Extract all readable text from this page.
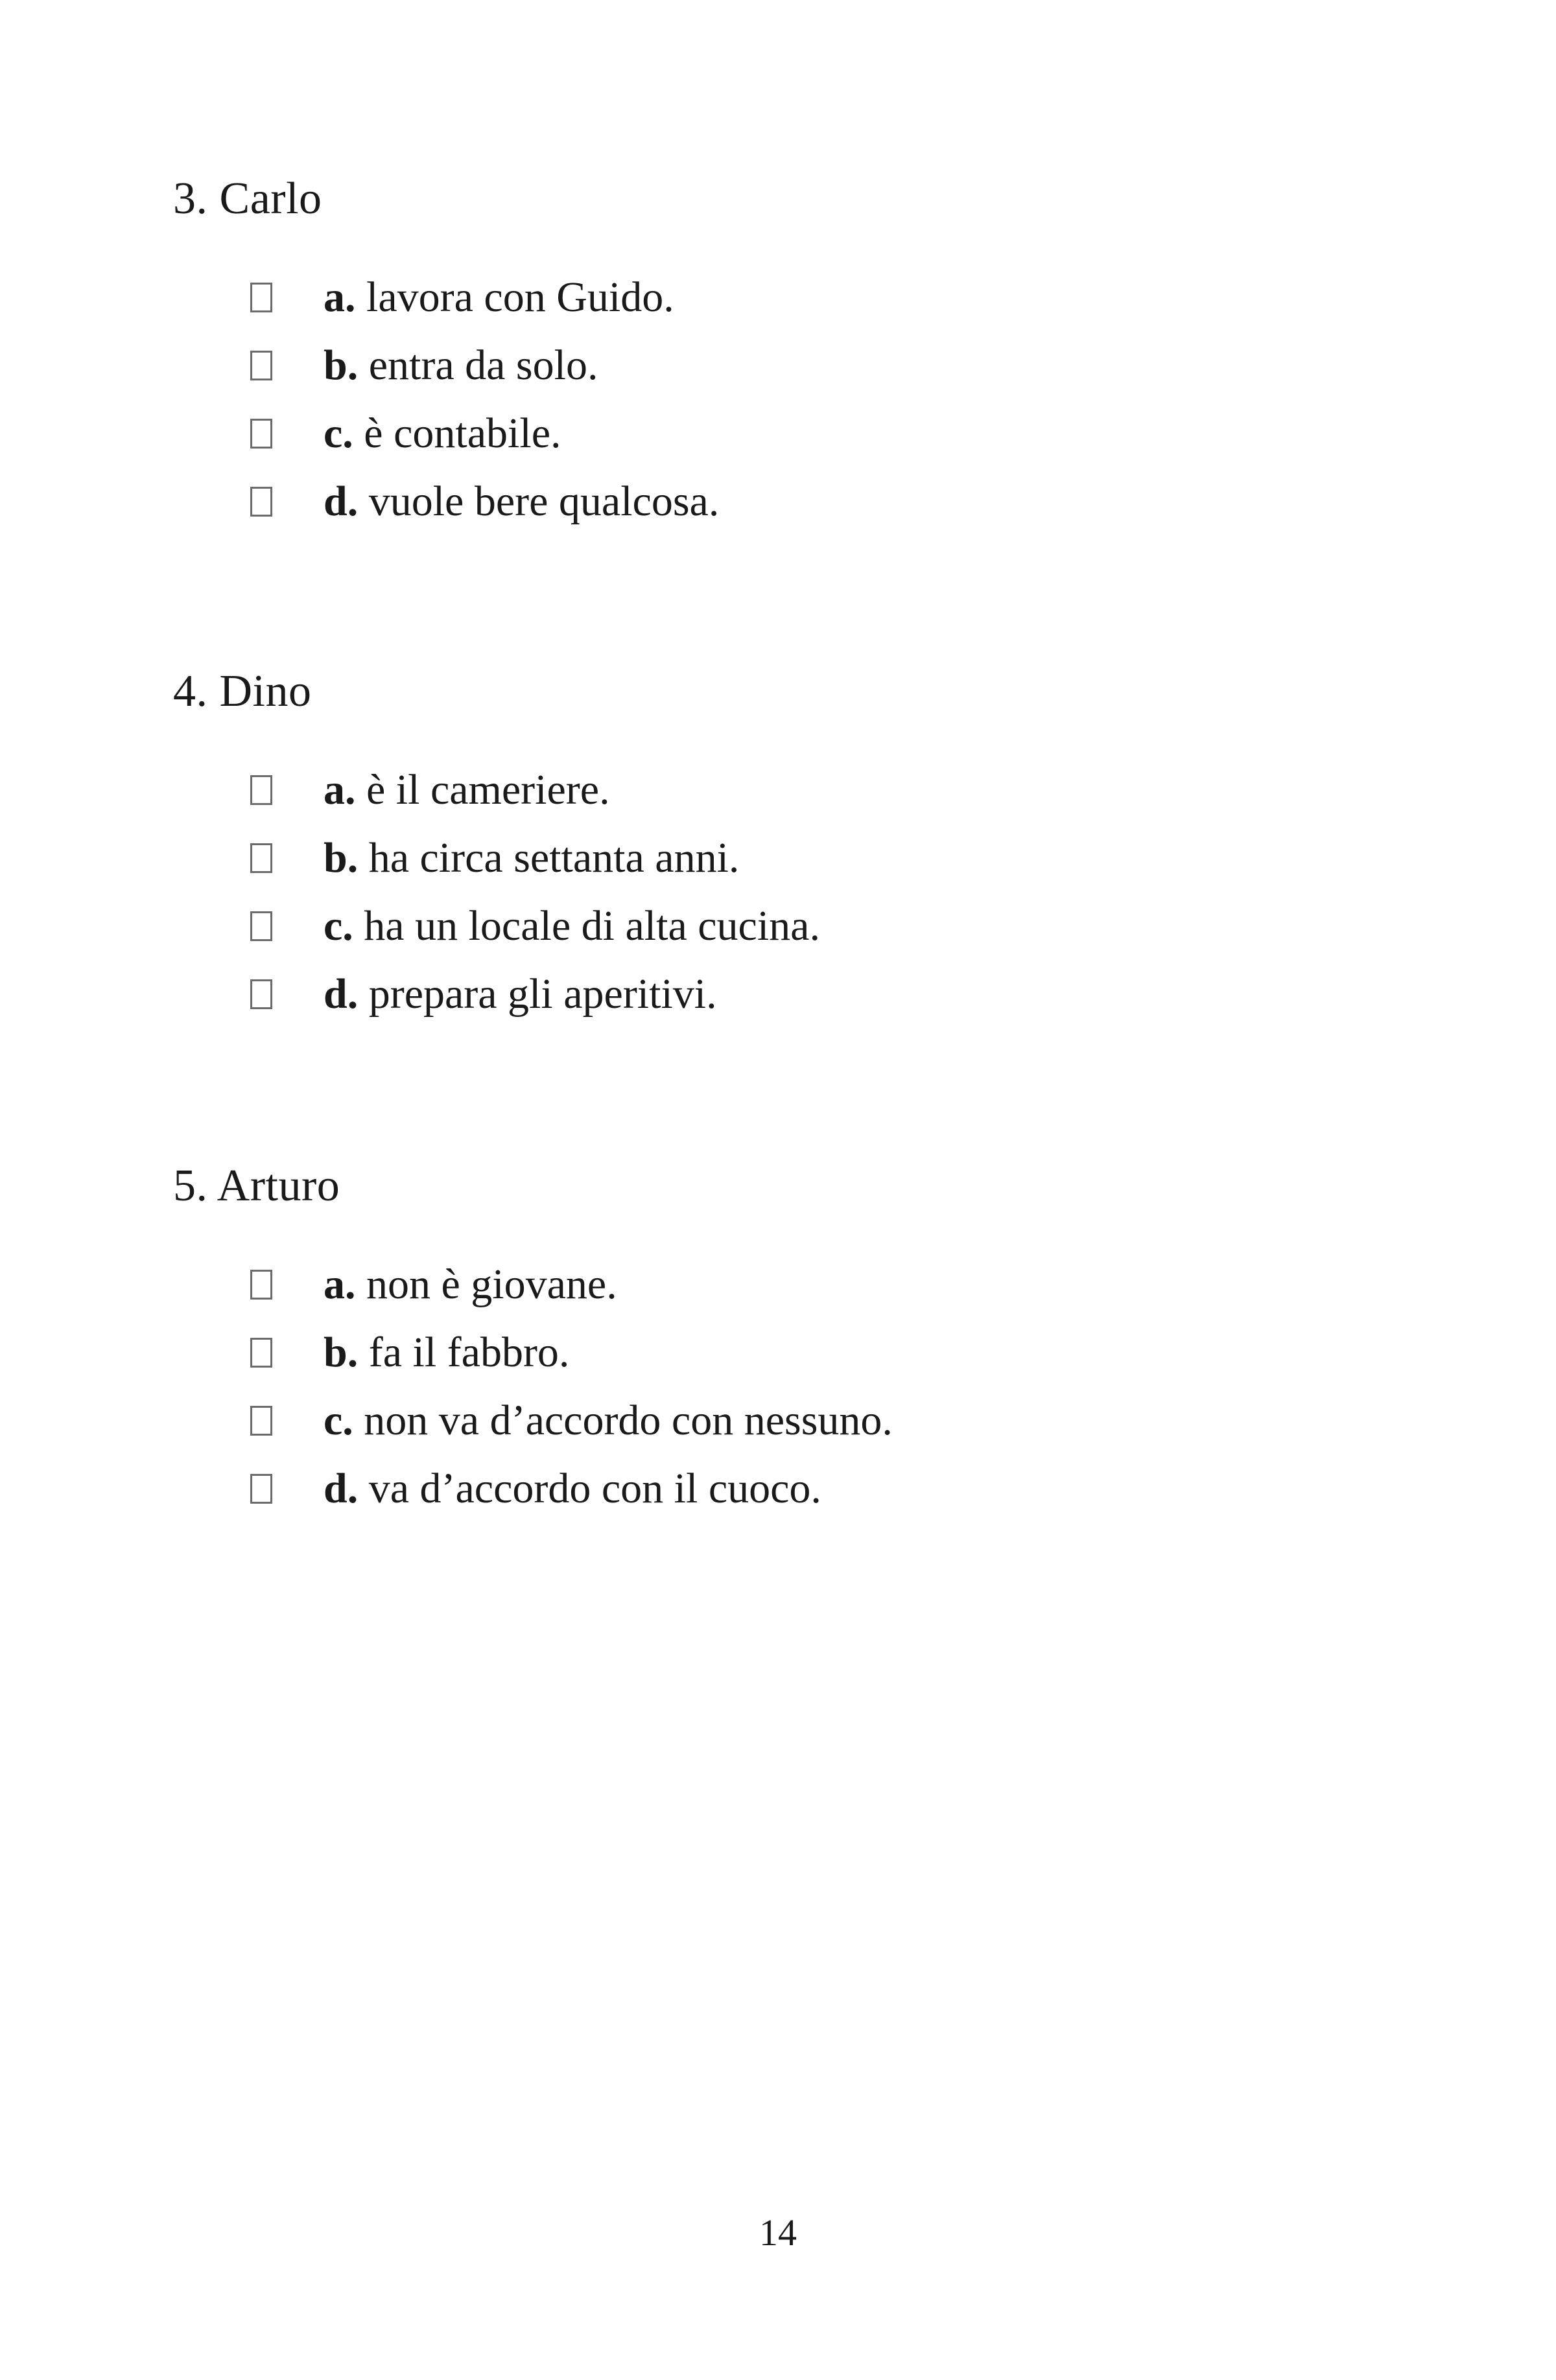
3. Carlo
a. lavora con Guido.
b. entra da solo.
c. è contabile.
d. vuole bere qualcosa.
4. Dino
a. è il cameriere.
b. ha circa settanta anni.
c. ha un locale di alta cucina.
d. prepara gli aperitivi.
5. Arturo
a. non è giovane.
b. fa il fabbro.
c. non va d’accordo con nessuno.
d. va d’accordo con il cuoco.
14
